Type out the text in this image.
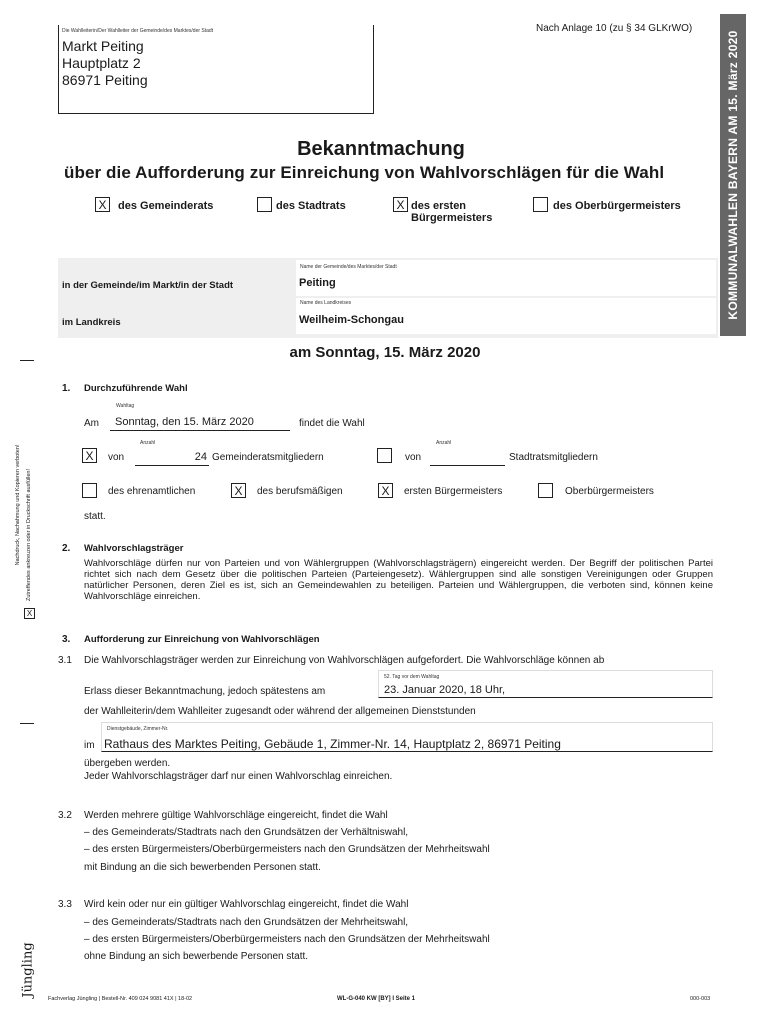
KOMMUNALWAHLEN BAYERN AM 15. März 2020
Nach Anlage 10 (zu § 34 GLKrWO)
Die Wahlleiterin/Der Wahlleiter der Gemeinde/des Marktes/der Stadt
Markt Peiting
Hauptplatz 2
86971 Peiting
Bekanntmachung
über die Aufforderung zur Einreichung von Wahlvorschlägen für die Wahl
X	des Gemeinderats	des Stadtrats	X des ersten Bürgermeisters
des Oberbürgermeisters
in der Gemeinde/im Markt/in der Stadt
Name der Gemeinde/des Marktes/der Stadt
Peiting
im Landkreis
Name des Landkreises
Weilheim-Schongau
am Sonntag, 15. März 2020
1. Durchzuführende Wahl
Am
Wahltag
Sonntag, den 15. März 2020	findet die Wahl
X	von
Anzahl
24 Gemeinderatsmitgliedern	von
Anzahl
Stadtratsmitgliedern
des ehrenamtlichen	X	des berufsmäßigen	X	ersten Bürgermeisters	Oberbürgermeisters
statt.
2. Wahlvorschlagsträger
Wahlvorschläge dürfen nur von Parteien und von Wählergruppen (Wahlvorschlagsträgern) eingereicht werden. Der Begriff der politischen Partei richtet sich nach dem Gesetz über die politischen Parteien (Parteiengesetz). Wählergruppen sind alle sonstigen Vereinigungen oder Gruppen natürlicher Personen, deren Ziel es ist, sich an Gemeindewahlen zu beteiligen. Parteien und Wählergruppen, die verboten sind, können keine Wahlvorschläge einreichen.
3. Aufforderung zur Einreichung von Wahlvorschlägen
3.1 Die Wahlvorschlagsträger werden zur Einreichung von Wahlvorschlägen aufgefordert. Die Wahlvorschläge können ab
52. Tag vor dem Wahltag
Erlass dieser Bekanntmachung, jedoch spätestens am	23. Januar 2020, 18 Uhr,
der Wahlleiterin/dem Wahlleiter zugesandt oder während der allgemeinen Dienststunden
Dienstgebäude, Zimmer-Nr.
im Rathaus des Marktes Peiting, Gebäude 1, Zimmer-Nr. 14, Hauptplatz 2, 86971 Peiting
übergeben werden.
Jeder Wahlvorschlagsträger darf nur einen Wahlvorschlag einreichen.
3.2 Werden mehrere gültige Wahlvorschläge eingereicht, findet die Wahl
– des Gemeinderats/Stadtrats nach den Grundsätzen der Verhältniswahl,
– des ersten Bürgermeisters/Oberbürgermeisters nach den Grundsätzen der Mehrheitswahl
mit Bindung an die sich bewerbenden Personen statt.
3.3 Wird kein oder nur ein gültiger Wahlvorschlag eingereicht, findet die Wahl
– des Gemeinderats/Stadtrats nach den Grundsätzen der Mehrheitswahl,
– des ersten Bürgermeisters/Oberbürgermeisters nach den Grundsätzen der Mehrheitswahl
ohne Bindung an sich bewerbende Personen statt.
Nachdruck, Nachahmung und Kopieren verboten! Zutreffendes ankreuzen oder in Druckschrift ausfüllen!
X
Jüngling
Fachverlag Jüngling | Bestell-Nr. 409 024 9081 41X | 18-02	WL-G-040 KW [BY] I Seite 1	000-003
